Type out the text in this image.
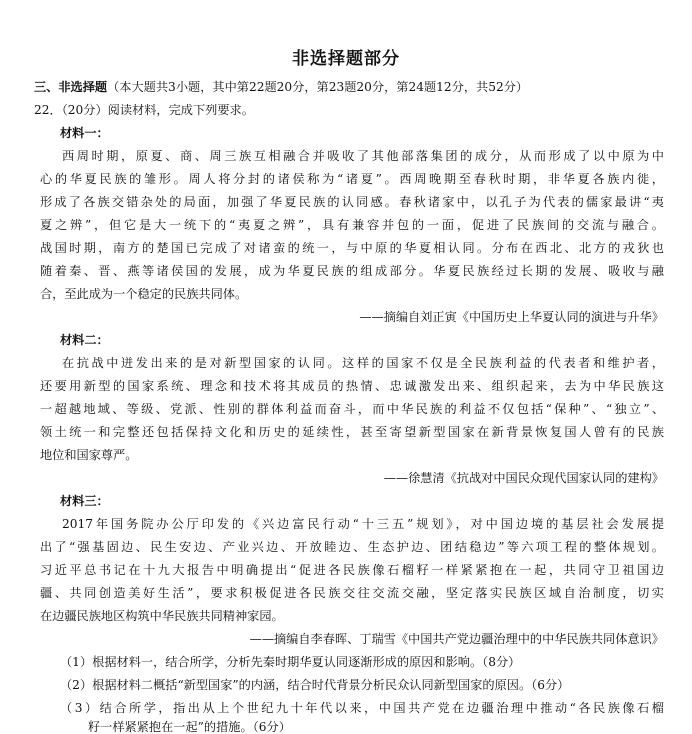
非选择题部分
三、非选择题（本大题共3小题，其中第22题20分，第23题20分，第24题12分，共52分）
22．（20分）阅读材料，完成下列要求。
材料一：
西周时期，原夏、商、周三族互相融合并吸收了其他部落集团的成分，从而形成了以中原为中
心的华夏民族的雏形。周人将分封的诸侯称为“诸夏”。西周晚期至春秋时期，非华夏各族内徙，
形成了各族交错杂处的局面，加强了华夏民族的认同感。春秋诸家中，以孔子为代表的儒家最讲“夷
夏之辨”，但它是大一统下的“夷夏之辨”，具有兼容并包的一面，促进了民族间的交流与融合。
战国时期，南方的楚国已完成了对诸蛮的统一，与中原的华夏相认同。分布在西北、北方的戎狄也
随着秦、晋、燕等诸侯国的发展，成为华夏民族的组成部分。华夏民族经过长期的发展、吸收与融
合，至此成为一个稳定的民族共同体。
——摘编自刘正寅《中国历史上华夏认同的演进与升华》
材料二：
在抗战中迸发出来的是对新型国家的认同。这样的国家不仅是全民族利益的代表者和维护者，
还要用新型的国家系统、理念和技术将其成员的热情、忠诚激发出来、组织起来，去为中华民族这
一超越地域、等级、党派、性别的群体利益而奋斗，而中华民族的利益不仅包括“保种”、“独立”、
领土统一和完整还包括保持文化和历史的延续性，甚至寄望新型国家在新背景恢复国人曾有的民族
地位和国家尊严。
——徐慧清《抗战对中国民众现代国家认同的建构》
材料三：
2017年国务院办公厅印发的《兴边富民行动“十三五”规划》，对中国边境的基层社会发展提
出了“强基固边、民生安边、产业兴边、开放睦边、生态护边、团结稳边”等六项工程的整体规划。
习近平总书记在十九大报告中明确提出“促进各民族像石榴籽一样紧紧抱在一起，共同守卫祖国边
疆、共同创造美好生活”，要求积极促进各民族交往交流交融，坚定落实民族区域自治制度，切实
在边疆民族地区构筑中华民族共同精神家园。
——摘编自李春晖、丁瑞雪《中国共产党边疆治理中的中华民族共同体意识》
（1）根据材料一，结合所学，分析先秦时期华夏认同逐渐形成的原因和影响。（8分）
（2）根据材料二概括“新型国家”的内涵，结合时代背景分析民众认同新型国家的原因。（6分）
（3）结合所学，指出从上个世纪九十年代以来，中国共产党在边疆治理中推动“各民族像石榴
籽一样紧紧抱在一起”的措施。（6分）
